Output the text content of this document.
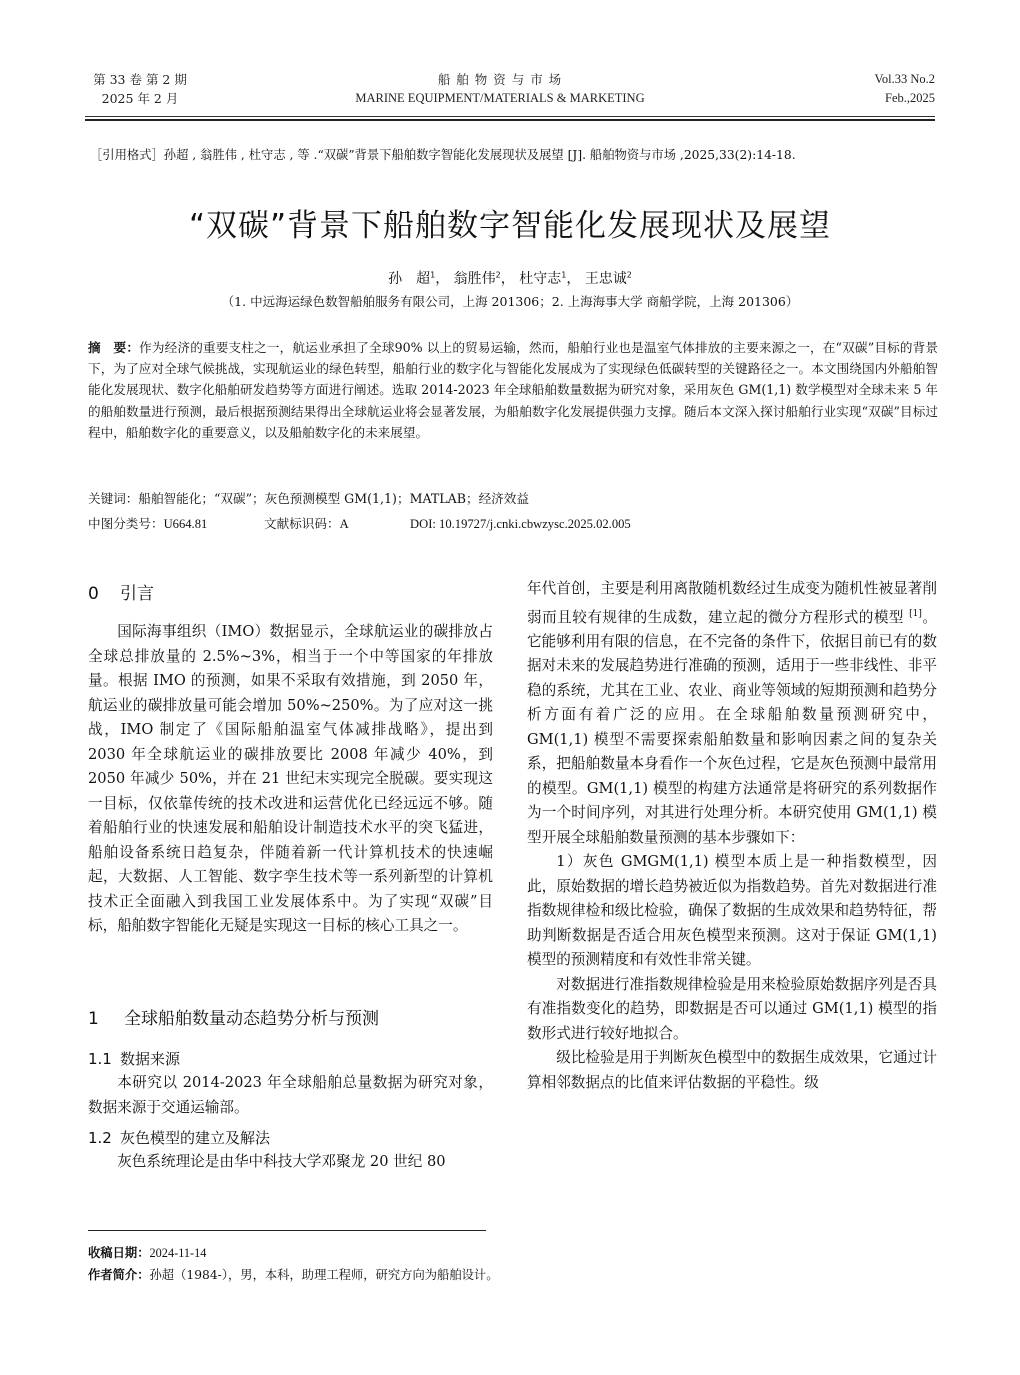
第 33 卷 第 2 期
2025 年 2 月
船 舶 物 资 与 市 场
MARINE EQUIPMENT/MATERIALS & MARKETING
Vol.33 No.2
Feb.,2025
［引用格式］孙超 , 翁胜伟 , 杜守志 , 等 .“双碳”背景下船舶数字智能化发展现状及展望 [J]. 船舶物资与市场 ,2025,33(2):14-18.
“双碳”背景下船舶数字智能化发展现状及展望
孙　超$^1$， 翁胜伟$^2$， 杜守志$^1$， 王忠诚$^2$
（1. 中远海运绿色数智船舶服务有限公司，上海 201306；2. 上海海事大学 商船学院，上海 201306）
摘　要：作为经济的重要支柱之一，航运业承担了全球90% 以上的贸易运输，然而，船舶行业也是温室气体排放的主要来源之一，在“双碳”目标的背景下，为了应对全球气候挑战，实现航运业的绿色转型，船舶行业的数字化与智能化发展成为了实现绿色低碳转型的关键路径之一。本文围绕国内外船舶智能化发展现状、数字化船舶研发趋势等方面进行阐述。选取 2014-2023 年全球船舶数量数据为研究对象，采用灰色 GM(1,1) 数学模型对全球未来 5 年的船舶数量进行预测，最后根据预测结果得出全球航运业将会显著发展，为船舶数字化发展提供强力支撑。随后本文深入探讨船舶行业实现“双碳”目标过程中，船舶数字化的重要意义，以及船舶数字化的未来展望。
关键词：船舶智能化；“双碳”；灰色预测模型 GM(1,1)；MATLAB；经济效益
中图分类号：U664.81	文献标识码：A	DOI: 10.19727/j.cnki.cbwzysc.2025.02.005
0 引言

国际海事组织（IMO）数据显示，全球航运业的碳排放占全球总排放量的 2.5%~3%，相当于一个中等国家的年排放量。根据 IMO 的预测，如果不采取有效措施，到 2050 年，航运业的碳排放量可能会增加 50%~250%。为了应对这一挑战，IMO 制定了《国际船舶温室气体减排战略》，提出到 2030 年全球航运业的碳排放要比 2008 年减少 40%，到 2050 年减少 50%，并在 21 世纪末实现完全脱碳。要实现这一目标，仅依靠传统的技术改进和运营优化已经远远不够。随着船舶行业的快速发展和船舶设计制造技术水平的突飞猛进，船舶设备系统日趋复杂，伴随着新一代计算机技术的快速崛起，大数据、人工智能、数字孪生技术等一系列新型的计算机技术正全面融入到我国工业发展体系中。为了实现“双碳”目标，船舶数字智能化无疑是实现这一目标的核心工具之一。

1 全球船舶数量动态趋势分析与预测
1.1 数据来源

本研究以 2014-2023 年全球船舶总量数据为研究对象，数据来源于交通运输部。

1.2 灰色模型的建立及解法

灰色系统理论是由华中科技大学邓聚龙 20 世纪 80

年代首创，主要是利用离散随机数经过生成变为随机性被显著削弱而且较有规律的生成数，建立起的微分方程形式的模型 [1]。它能够利用有限的信息，在不完备的条件下，依据目前已有的数据对未来的发展趋势进行准确的预测，适用于一些非线性、非平稳的系统，尤其在工业、农业、商业等领域的短期预测和趋势分析方面有着广泛的应用。在全球船舶数量预测研究中，GM(1,1) 模型不需要探索船舶数量和影响因素之间的复杂关系，把船舶数量本身看作一个灰色过程，它是灰色预测中最常用的模型。GM(1,1) 模型的构建方法通常是将研究的系列数据作为一个时间序列，对其进行处理分析。本研究使用 GM(1,1) 模型开展全球船舶数量预测的基本步骤如下：

1）灰色 GMGM(1,1) 模型本质上是一种指数模型，因此，原始数据的增长趋势被近似为指数趋势。首先对数据进行准指数规律检和级比检验，确保了数据的生成效果和趋势特征，帮助判断数据是否适合用灰色模型来预测。这对于保证 GM(1,1) 模型的预测精度和有效性非常关键。

对数据进行准指数规律检验是用来检验原始数据序列是否具有准指数变化的趋势，即数据是否可以通过 GM(1,1) 模型的指数形式进行较好地拟合。

级比检验是用于判断灰色模型中的数据生成效果，它通过计算相邻数据点的比值来评估数据的平稳性。级

收稿日期：2024-11-14
作者简介：孙超（1984-），男，本科，助理工程师，研究方向为船舶设计。
